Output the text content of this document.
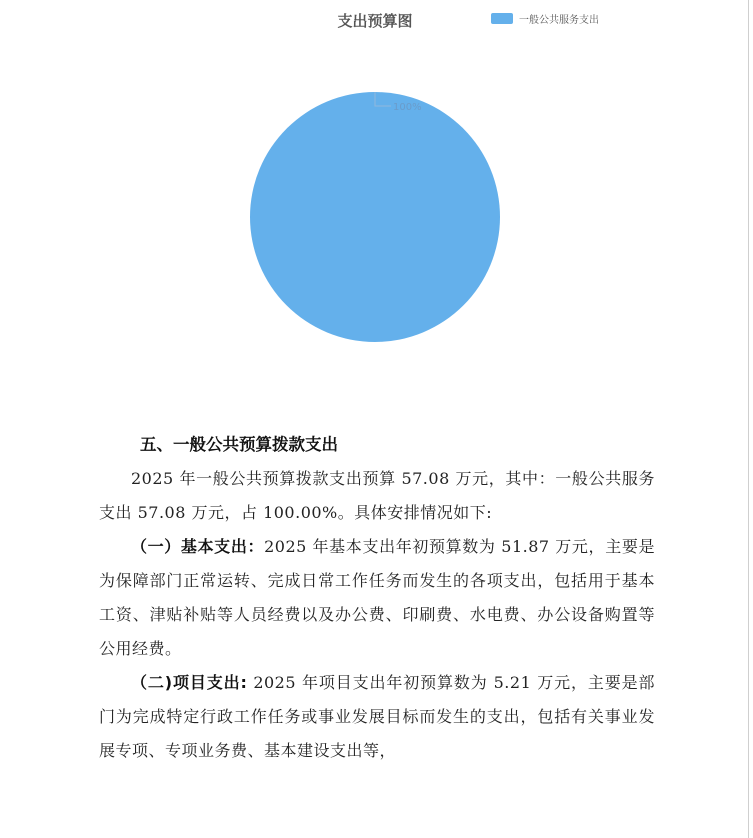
支出预算图	一般公共服务支出
100%
五、一般公共预算拨款支出

2025 年一般公共预算拨款支出预算 57.08 万元，其中：一般公共服务支出 57.08 万元，占 100.00%。具体安排情况如下:

（一）基本支出：2025 年基本支出年初预算数为 51.87 万元，主要是为保障部门正常运转、完成日常工作任务而发生的各项支出，包括用于基本工资、津贴补贴等人员经费以及办公费、印刷费、水电费、办公设备购置等公用经费。

（二)项目支出: 2025 年项目支出年初预算数为 5.21 万元，主要是部门为完成特定行政工作任务或事业发展目标而发生的支出，包括有关事业发展专项、专项业务费、基本建设支出等，
